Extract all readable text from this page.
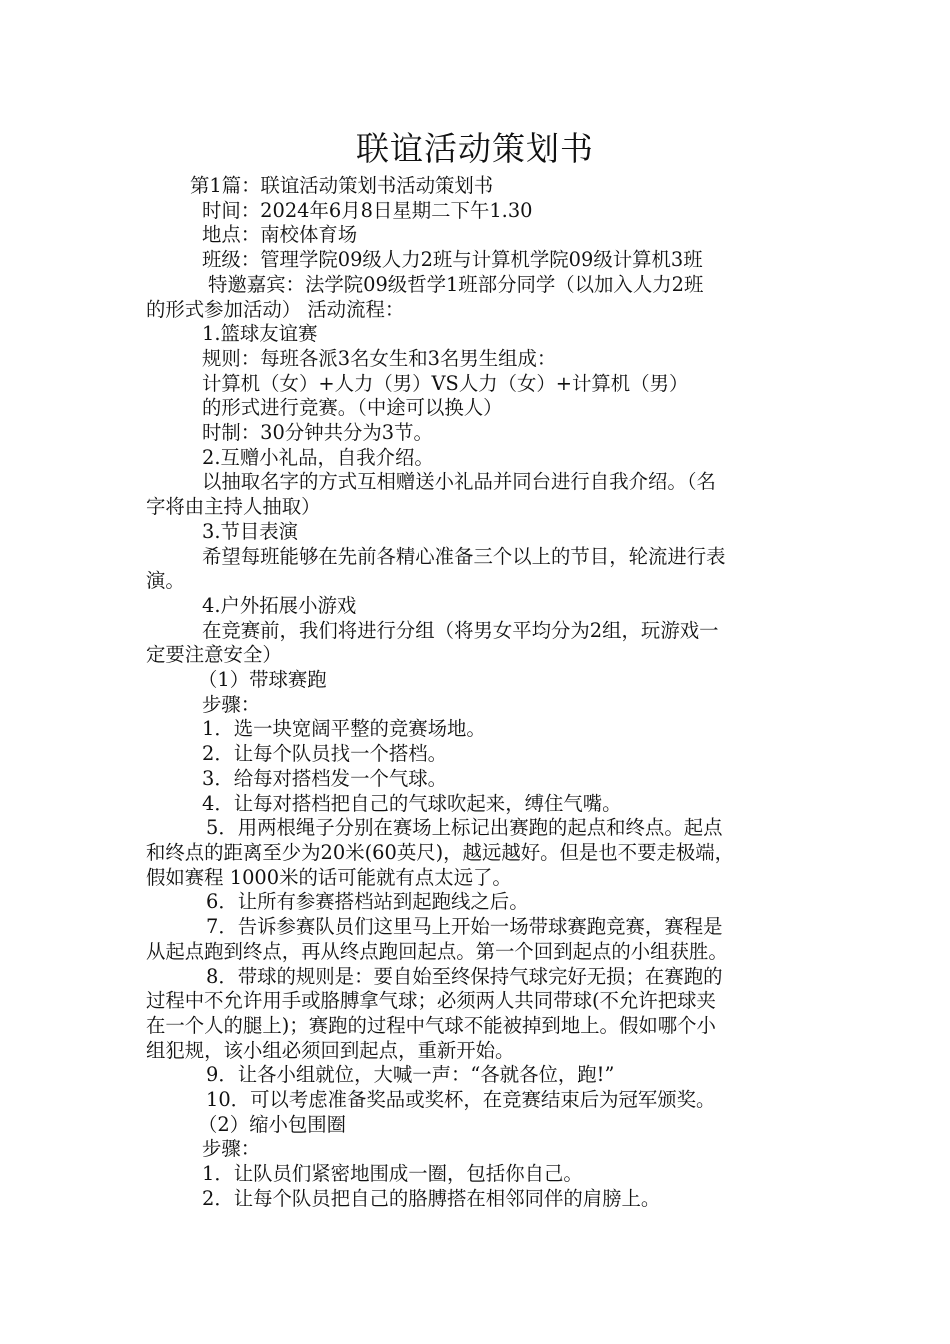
联谊活动策划书

第1篇：联谊活动策划书活动策划书

时间：2024年6月8日星期二下午1.30

地点：南校体育场

班级：管理学院09级人力2班与计算机学院09级计算机3班

特邀嘉宾：法学院09级哲学1班部分同学（以加入人力2班

的形式参加活动） 活动流程：

1.篮球友谊赛

规则：每班各派3名女生和3名男生组成：

计算机（女）+人力（男）VS人力（女）+计算机（男）

的形式进行竞赛。（中途可以换人）

时制：30分钟共分为3节。

2.互赠小礼品，自我介绍。

以抽取名字的方式互相赠送小礼品并同台进行自我介绍。（名

字将由主持人抽取）

3.节目表演

希望每班能够在先前各精心准备三个以上的节目，轮流进行表

演。

4.户外拓展小游戏

在竞赛前，我们将进行分组（将男女平均分为2组，玩游戏一

定要注意安全）

（1）带球赛跑

步骤：

1．选一块宽阔平整的竞赛场地。

2．让每个队员找一个搭档。

3．给每对搭档发一个气球。

4．让每对搭档把自己的气球吹起来，缚住气嘴。

5．用两根绳子分别在赛场上标记出赛跑的起点和终点。起点

和终点的距离至少为20米(60英尺)，越远越好。但是也不要走极端，

假如赛程 1000米的话可能就有点太远了。

6．让所有参赛搭档站到起跑线之后。

7．告诉参赛队员们这里马上开始一场带球赛跑竞赛，赛程是

从起点跑到终点，再从终点跑回起点。第一个回到起点的小组获胜。

8．带球的规则是：要自始至终保持气球完好无损；在赛跑的

过程中不允许用手或胳膊拿气球；必须两人共同带球(不允许把球夹

在一个人的腿上)；赛跑的过程中气球不能被掉到地上。假如哪个小

组犯规，该小组必须回到起点，重新开始。

9．让各小组就位，大喊一声：“各就各位，跑!”

10．可以考虑准备奖品或奖杯，在竞赛结束后为冠军颁奖。

（2）缩小包围圈

步骤：

1．让队员们紧密地围成一圈，包括你自己。

2．让每个队员把自己的胳膊搭在相邻同伴的肩膀上。
